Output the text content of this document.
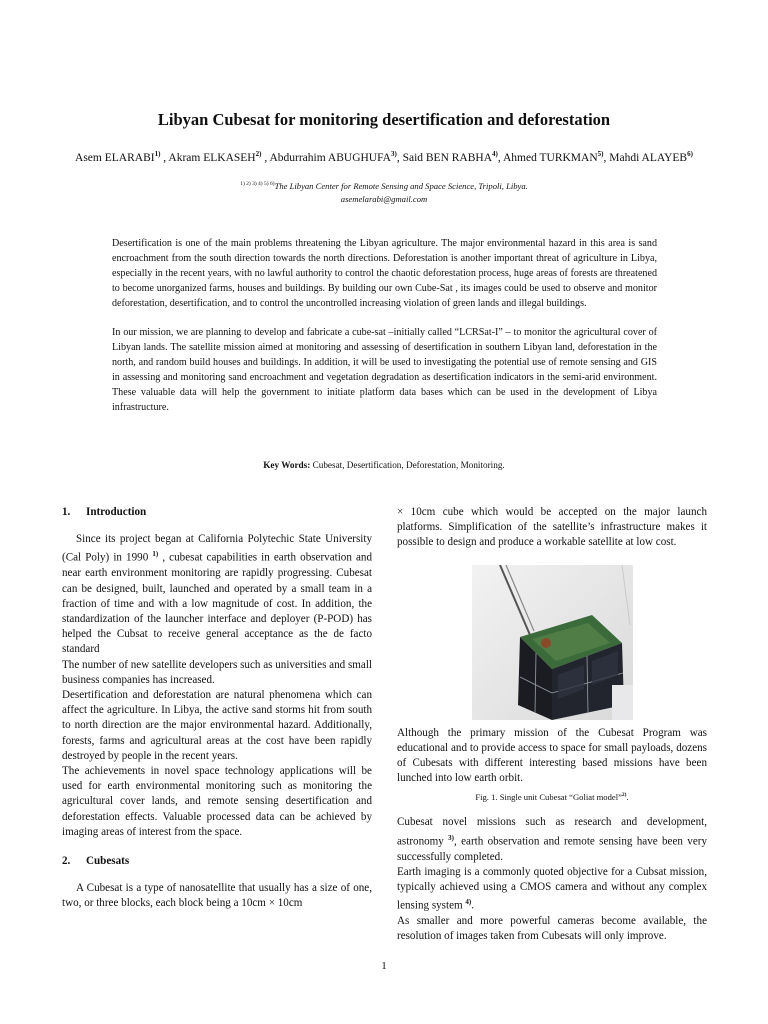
Libyan Cubesat for monitoring desertification and deforestation
Asem ELARABI$^{1)}$ , Akram ELKASEH$^{2)}$ , Abdurrahim ABUGHUFA$^{3)}$, Said BEN RABHA$^{4)}$, Ahmed TURKMAN$^{5)}$, Mahdi ALAYEB$^{6)}$
$^{1) 2) 3) 4) 5) 6)}$The Libyan Center for Remote Sensing and Space Science, Tripoli, Libya.
asemelarabi@gmail.com

Desertification is one of the main problems threatening the Libyan agriculture. The major environmental hazard in this area is sand encroachment from the south direction towards the north directions. Deforestation is another important threat of agriculture in Libya, especially in the recent years, with no lawful authority to control the chaotic deforestation process, huge areas of forests are threatened to become unorganized farms, houses and buildings. By building our own Cube-Sat , its images could be used to observe and monitor deforestation, desertification, and to control the uncontrolled increasing violation of green lands and illegal buildings.

In our mission, we are planning to develop and fabricate a cube-sat –initially called “LCRSat-I” – to monitor the agricultural cover of Libyan lands. The satellite mission aimed at monitoring and assessing of desertification in southern Libyan land, deforestation in the north, and random build houses and buildings. In addition, it will be used to investigating the potential use of remote sensing and GIS in assessing and monitoring sand encroachment and vegetation degradation as desertification indicators in the semi-arid environment. These valuable data will help the government to initiate platform data bases which can be used in the development of Libya infrastructure.

Key Words: Cubesat, Desertification, Deforestation, Monitoring.
1. Introduction

Since its project began at California Polytechic State University (Cal Poly) in 1990 $^{1)}$ , cubesat capabilities in earth observation and near earth environment monitoring are rapidly progressing. Cubesat can be designed, built, launched and operated by a small team in a fraction of time and with a low magnitude of cost. In addition, the standardization of the launcher interface and deployer (P-POD) has helped the Cubsat to receive general acceptance as the de facto standard

The number of new satellite developers such as universities and small business companies has increased.

Desertification and deforestation are natural phenomena which can affect the agriculture. In Libya, the active sand storms hit from south to north direction are the major environmental hazard. Additionally, forests, farms and agricultural areas at the cost have been rapidly destroyed by people in the recent years.

The achievements in novel space technology applications will be used for earth environmental monitoring such as monitoring the agricultural cover lands, and remote sensing desertification and deforestation effects. Valuable processed data can be achieved by imaging areas of interest from the space.

2. Cubesats

A Cubesat is a type of nanosatellite that usually has a size of one, two, or three blocks, each block being a 10cm × 10cm

× 10cm cube which would be accepted on the major launch platforms. Simplification of the satellite’s infrastructure makes it possible to design and produce a workable satellite at low cost.

Although the primary mission of the Cubesat Program was educational and to provide access to space for small payloads, dozens of Cubesats with different interesting based missions have been lunched into low earth orbit.

Fig. 1. Single unit Cubesat “Goliat model”$^{2)}$.

Cubesat novel missions such as research and development, astronomy $^{3)}$, earth observation and remote sensing have been very successfully completed.

Earth imaging is a commonly quoted objective for a Cubsat mission, typically achieved using a CMOS camera and without any complex lensing system $^{4)}$.

As smaller and more powerful cameras become available, the resolution of images taken from Cubesats will only improve.

1
